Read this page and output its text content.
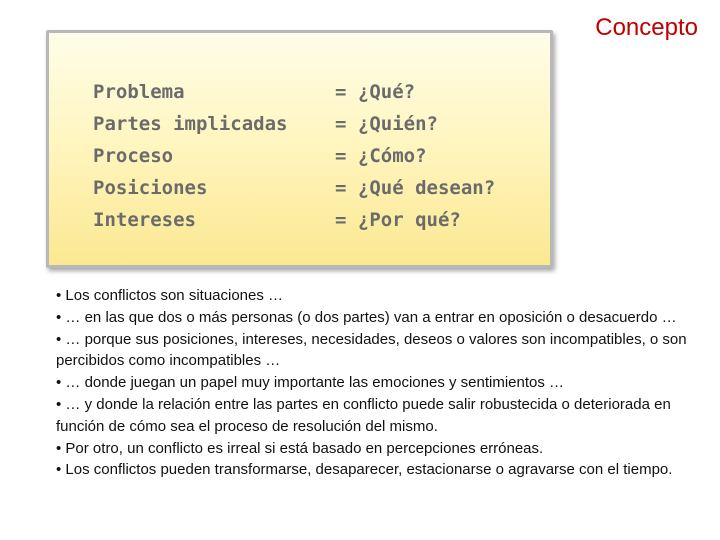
Concepto
Problema	= ¿Qué?
Partes implicadas	= ¿Quién?
Proceso	= ¿Cómo?
Posiciones	= ¿Qué desean?
Intereses	= ¿Por qué?

• Los conflictos son situaciones …

• … en las que dos o más personas (o dos partes) van a entrar en oposición o desacuerdo …

• … porque sus posiciones, intereses, necesidades, deseos o valores son incompatibles, o son percibidos como incompatibles …

• … donde juegan un papel muy importante las emociones y sentimientos …

• … y donde la relación entre las partes en conflicto puede salir robustecida o deteriorada en función de cómo sea el proceso de resolución del mismo.

• Por otro, un conflicto es irreal si está basado en percepciones erróneas.

• Los conflictos pueden transformarse, desaparecer, estacionarse o agravarse con el tiempo.
